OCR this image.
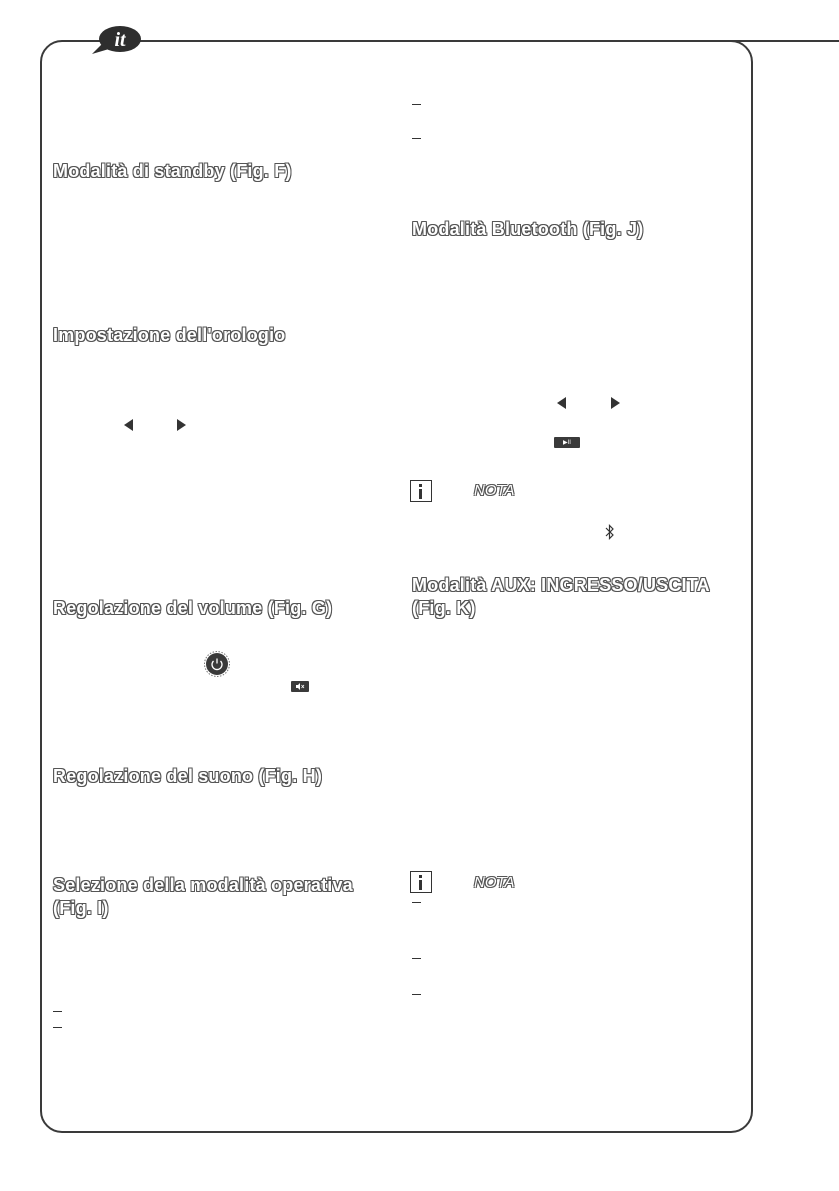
it
Modalità di standby (Fig. F)
Impostazione dell'orologio
Regolazione del volume (Fig. G)
Regolazione del suono (Fig. H)
Selezione della modalità operativa
(Fig. I)
Modalità Bluetooth (Fig. J)
▶II
NOTA
Modalità AUX: INGRESSO/USCITA
(Fig. K)
NOTA
